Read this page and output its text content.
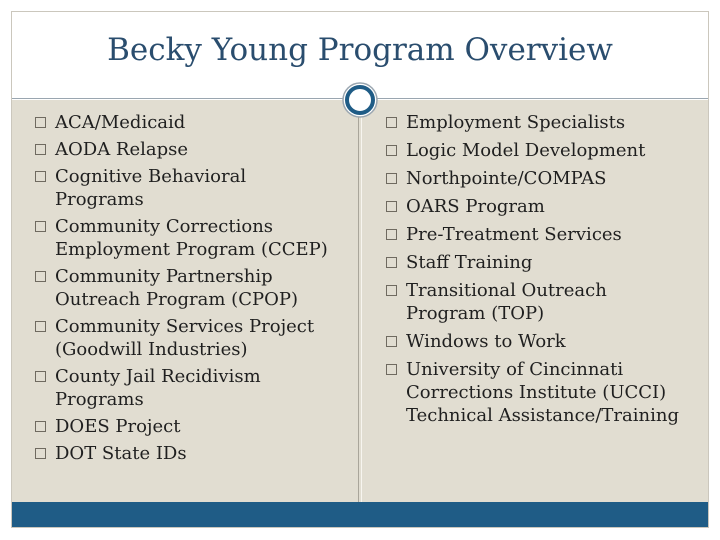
Becky Young Program Overview
ACA/Medicaid
AODA Relapse
Cognitive Behavioral
Programs
Community Corrections
Employment Program (CCEP)
Community Partnership
Outreach Program (CPOP)
Community Services Project
(Goodwill Industries)
County Jail Recidivism
Programs
DOES Project
DOT State IDs
Employment Specialists
Logic Model Development
Northpointe/COMPAS
OARS Program
Pre-Treatment Services
Staff Training
Transitional Outreach
Program (TOP)
Windows to Work
University of Cincinnati
Corrections Institute (UCCI)
Technical Assistance/Training
